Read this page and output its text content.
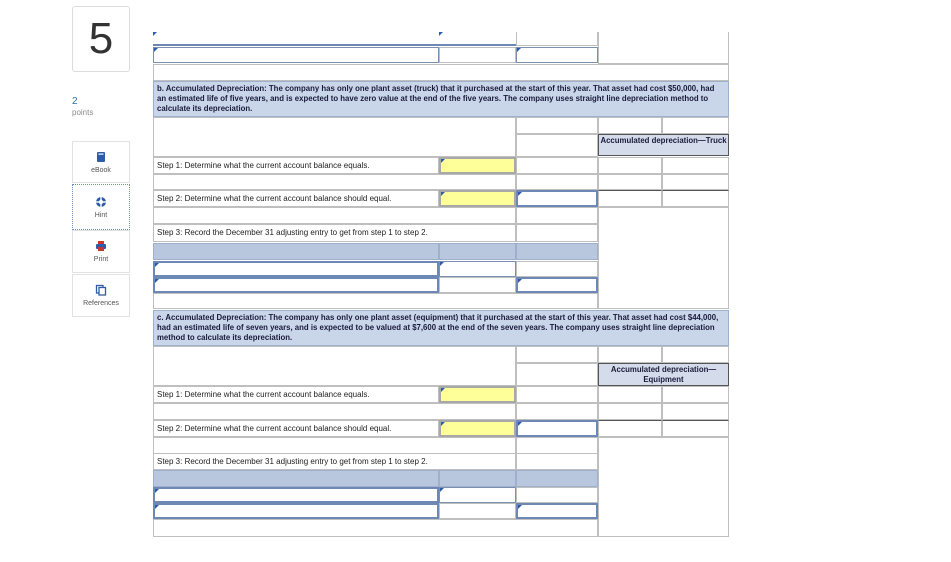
5
2
points
eBook
Hint
Print
References
b. Accumulated Depreciation: The company has only one plant asset (truck) that it purchased at the start of this year. That asset had cost $50,000, had an estimated life of five years, and is expected to have zero value at the end of the five years. The company uses straight line depreciation method to calculate its depreciation.
Accumulated depreciation—Truck
Step 1: Determine what the current account balance equals.
Step 2: Determine what the current account balance should equal.
Step 3: Record the December 31 adjusting entry to get from step 1 to step 2.
c. Accumulated Depreciation: The company has only one plant asset (equipment) that it purchased at the start of this year. That asset had cost $44,000, had an estimated life of seven years, and is expected to be valued at $7,600 at the end of the seven years. The company uses straight line depreciation method to calculate its depreciation.
Accumulated depreciation—Equipment
Step 1: Determine what the current account balance equals.
Step 2: Determine what the current account balance should equal.
Step 3: Record the December 31 adjusting entry to get from step 1 to step 2.
